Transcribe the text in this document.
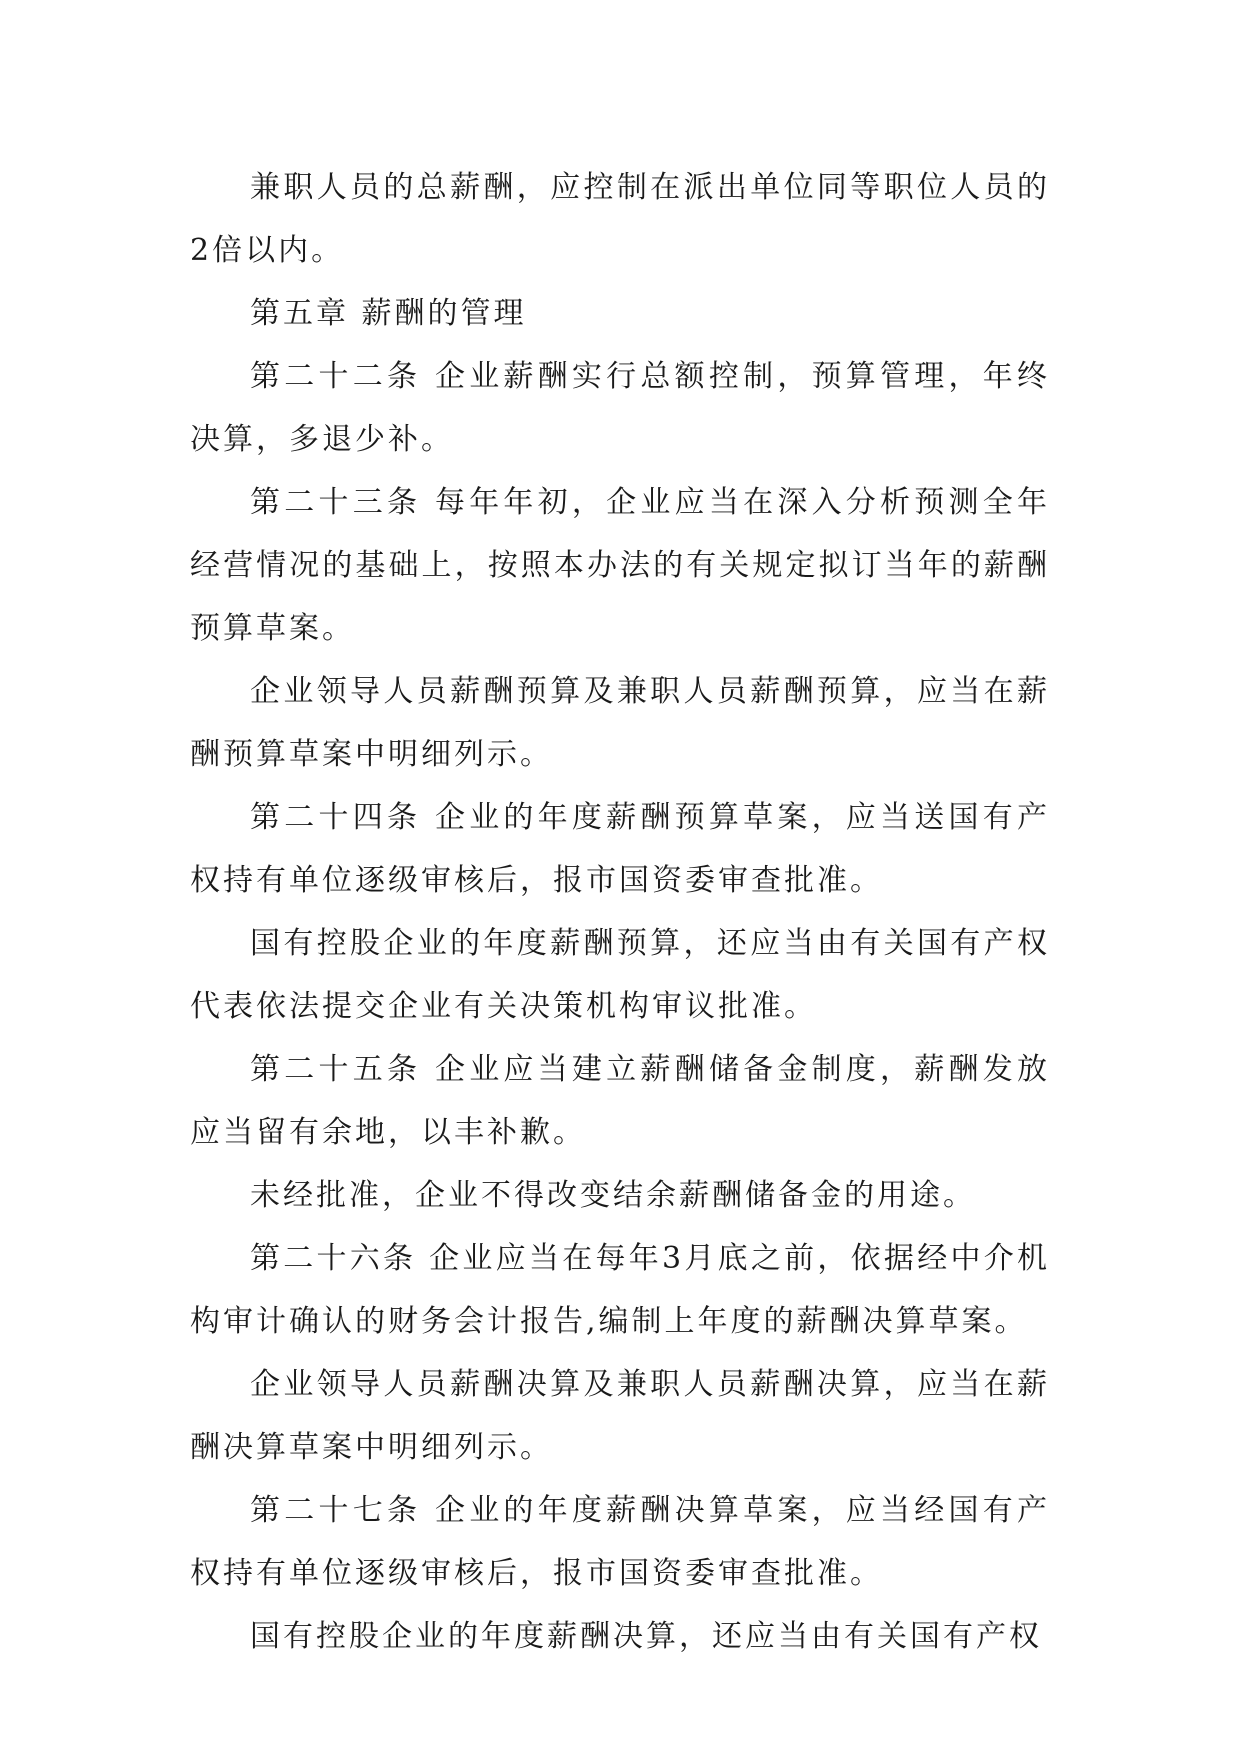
兼职人员的总薪酬，应控制在派出单位同等职位人员的2倍以内。

第五章 薪酬的管理

第二十二条 企业薪酬实行总额控制，预算管理，年终决算，多退少补。

第二十三条 每年年初，企业应当在深入分析预测全年经营情况的基础上，按照本办法的有关规定拟订当年的薪酬预算草案。

企业领导人员薪酬预算及兼职人员薪酬预算，应当在薪酬预算草案中明细列示。

第二十四条 企业的年度薪酬预算草案，应当送国有产权持有单位逐级审核后，报市国资委审查批准。

国有控股企业的年度薪酬预算，还应当由有关国有产权代表依法提交企业有关决策机构审议批准。

第二十五条 企业应当建立薪酬储备金制度，薪酬发放应当留有余地，以丰补歉。

未经批准，企业不得改变结余薪酬储备金的用途。

第二十六条 企业应当在每年3月底之前，依据经中介机构审计确认的财务会计报告,编制上年度的薪酬决算草案。

企业领导人员薪酬决算及兼职人员薪酬决算，应当在薪酬决算草案中明细列示。

第二十七条 企业的年度薪酬决算草案，应当经国有产权持有单位逐级审核后，报市国资委审查批准。

国有控股企业的年度薪酬决算，还应当由有关国有产权
